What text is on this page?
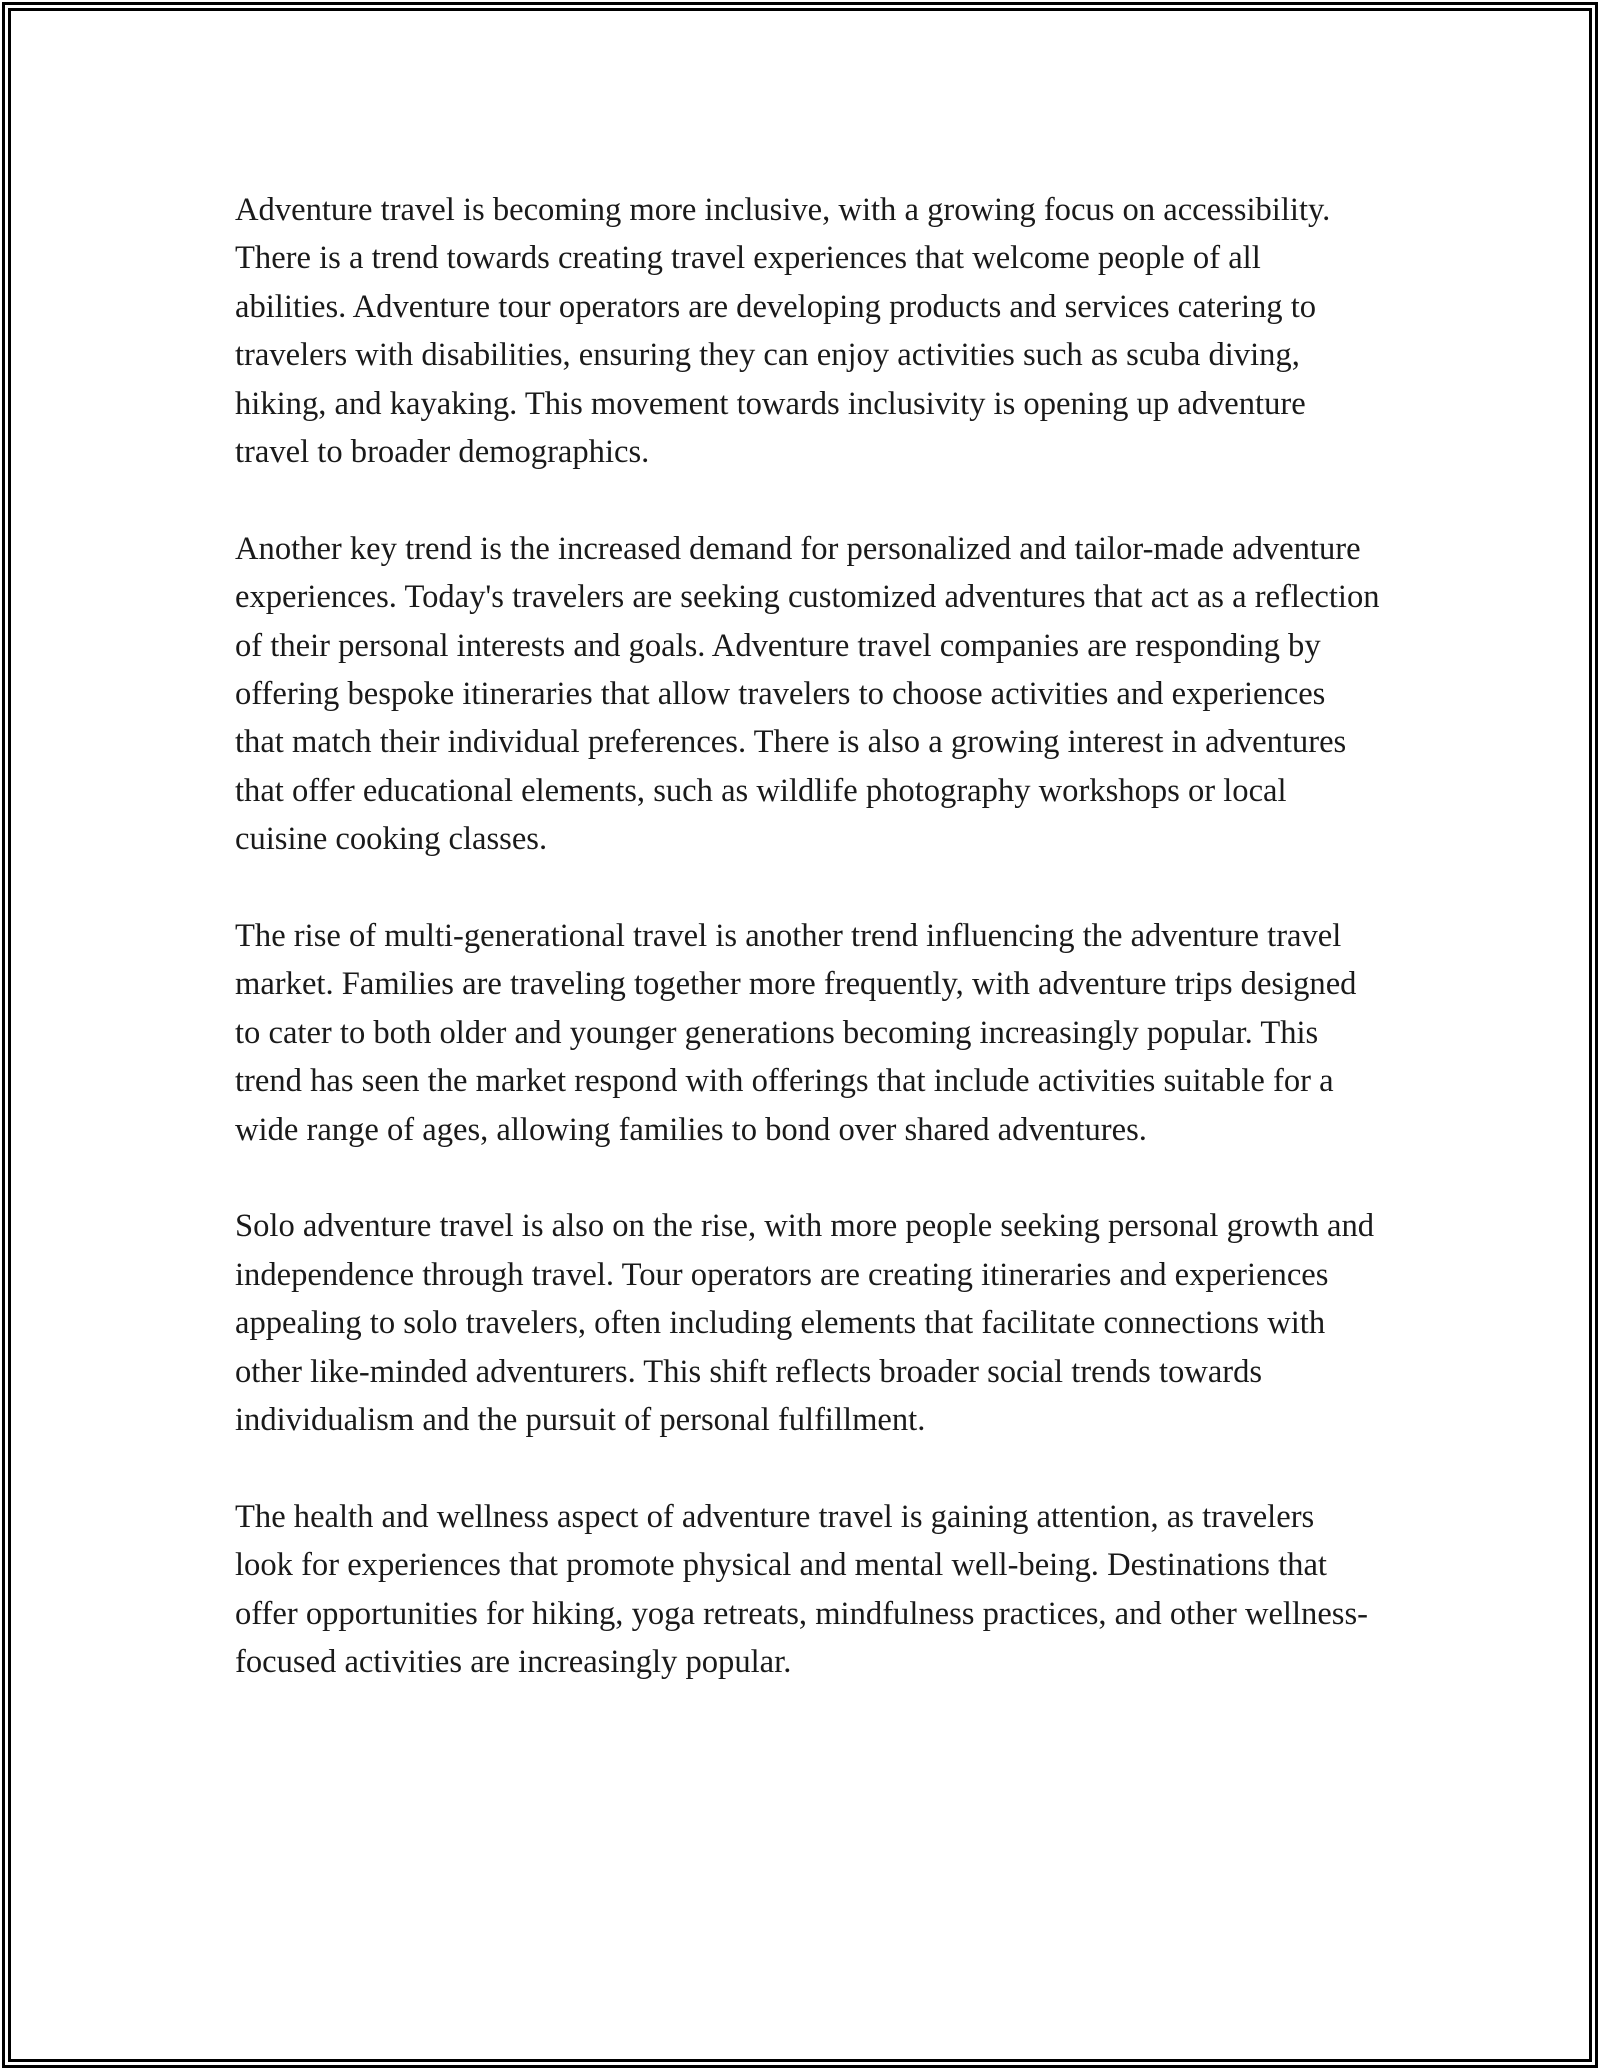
Adventure travel is becoming more inclusive, with a growing focus on accessibility. There is a trend towards creating travel experiences that welcome people of all abilities. Adventure tour operators are developing products and services catering to travelers with disabilities, ensuring they can enjoy activities such as scuba diving, hiking, and kayaking. This movement towards inclusivity is opening up adventure travel to broader demographics.

Another key trend is the increased demand for personalized and tailor-made adventure experiences. Today's travelers are seeking customized adventures that act as a reflection of their personal interests and goals. Adventure travel companies are responding by offering bespoke itineraries that allow travelers to choose activities and experiences that match their individual preferences. There is also a growing interest in adventures that offer educational elements, such as wildlife photography workshops or local cuisine cooking classes.

The rise of multi-generational travel is another trend influencing the adventure travel market. Families are traveling together more frequently, with adventure trips designed to cater to both older and younger generations becoming increasingly popular. This trend has seen the market respond with offerings that include activities suitable for a wide range of ages, allowing families to bond over shared adventures.

Solo adventure travel is also on the rise, with more people seeking personal growth and independence through travel. Tour operators are creating itineraries and experiences appealing to solo travelers, often including elements that facilitate connections with other like-minded adventurers. This shift reflects broader social trends towards individualism and the pursuit of personal fulfillment.

The health and wellness aspect of adventure travel is gaining attention, as travelers look for experiences that promote physical and mental well-being. Destinations that offer opportunities for hiking, yoga retreats, mindfulness practices, and other wellness-focused activities are increasingly popular.
